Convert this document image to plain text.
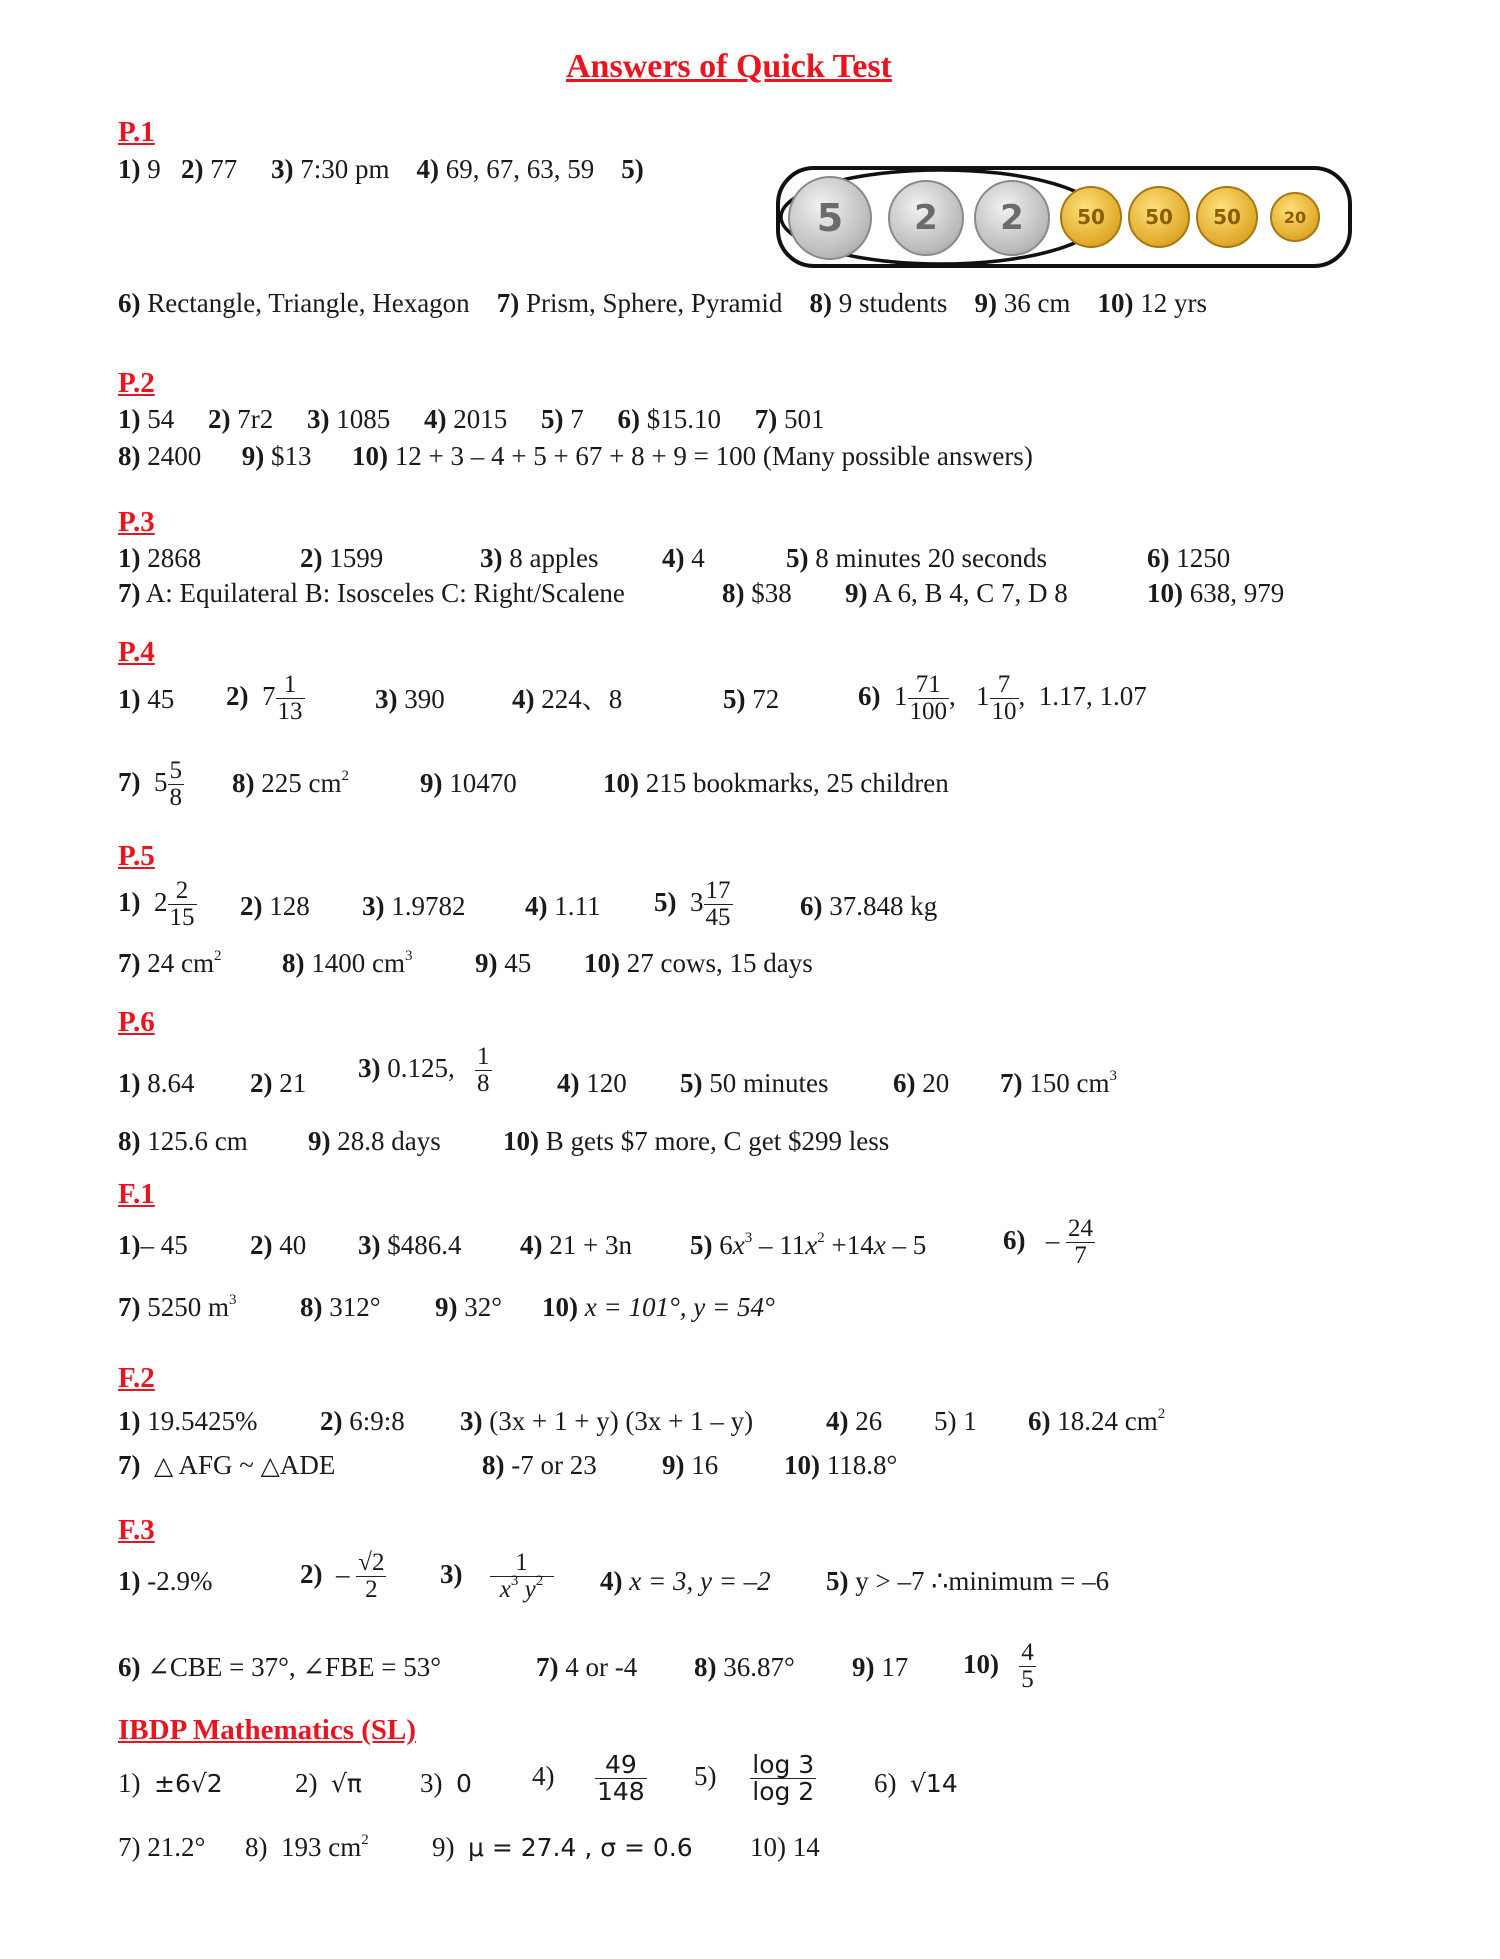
Answers of Quick Test
P.1
1) 9 2) 77 3) 7:30 pm 4) 69, 67, 63, 59 5)
5	2	2	50	50	50	20
6) Rectangle, Triangle, Hexagon 7) Prism, Sphere, Pyramid 8) 9 students 9) 36 cm 10) 12 yrs
P.2
1) 54 2) 7r2 3) 1085 4) 2015 5) 7 6) $15.10 7) 501
8) 2400 9) $13 10) 12 + 3 – 4 + 5 + 67 + 8 + 9 = 100 (Many possible answers)
P.3
1) 2868	2) 1599	3) 8 apples 4) 4	5) 8 minutes 20 seconds	6) 1250
7) A: Equilateral B: Isosceles C: Right/Scalene	8) $38 9) A 6, B 4, C 7, D 8	10) 638, 979
P.4
1) 45 2) $7 \frac{1}{13}$	3) 390 4) 224、8	5) 72	6) $1 \frac{71}{100}$ ,   $1 \frac{7}{10}$ ,  1.17, 1.07
7) $5 \frac{5}{8} 8$) 225 $cm^2$	9) 10470	10) 215 bookmarks, 25 children
P.5
1) $2 \frac{2}{15} 2$) 128 3) 1.9782 4) 1.11 5) $3 \frac{17}{45}$	6) 37.848 kg
7) 24 $cm^2$ 8) 1400 $cm^3$ 9) 45 10) 27 cows, 15 days
P.6
1) 8.64 2) 21
3) 0.125, $\frac{1}{8} 4$) 120 5) 50 minutes 6) 20 7) 150 $cm^3$
8) 125.6 cm 9) 28.8 days 10) B gets $7 more, C get $299 less
F.1
1)– 45 2) 40 3) $486.4 4) 21 + 3n 5) $6x^3 - 11x^2 +14x - 5$	$6) - \frac{24}{7}$
7) 5250 $m^3$ 8) 312° 9) 32° 10) x = 101°, y = 54°
F.2
1) 19.5425% 2) 6:9:8 3) (3x + 1 + y) (3x + 1 – y)	4) 26 5) 1 6) 18.24 $cm^2$
7) △ AFG ~ △ADE	8) -7 or 23 9) 16 10) 118.8°
F.3
1) -2.9%	$2) - \frac{√2}{2} 3) \frac{1}{x^3 y^2} 4$) x = 3, y = –2 5) y > –7 ∴minimum = –6
6) ∠CBE = 37°, ∠FBE = 53°	7) 4 or -4 8) 36.87° 9) 17 $10) \frac{4}{5}$
IBDP Mathematics (SL)
1) ±6√2	2) √π 3) 0 $4) \frac{49}{148} 5) \frac{\log 3}{\log 2} 6$) √14
7) 21.2° 8) 193 $cm^2$ 9) μ = 27.4 , σ = 0.6 10) 14
